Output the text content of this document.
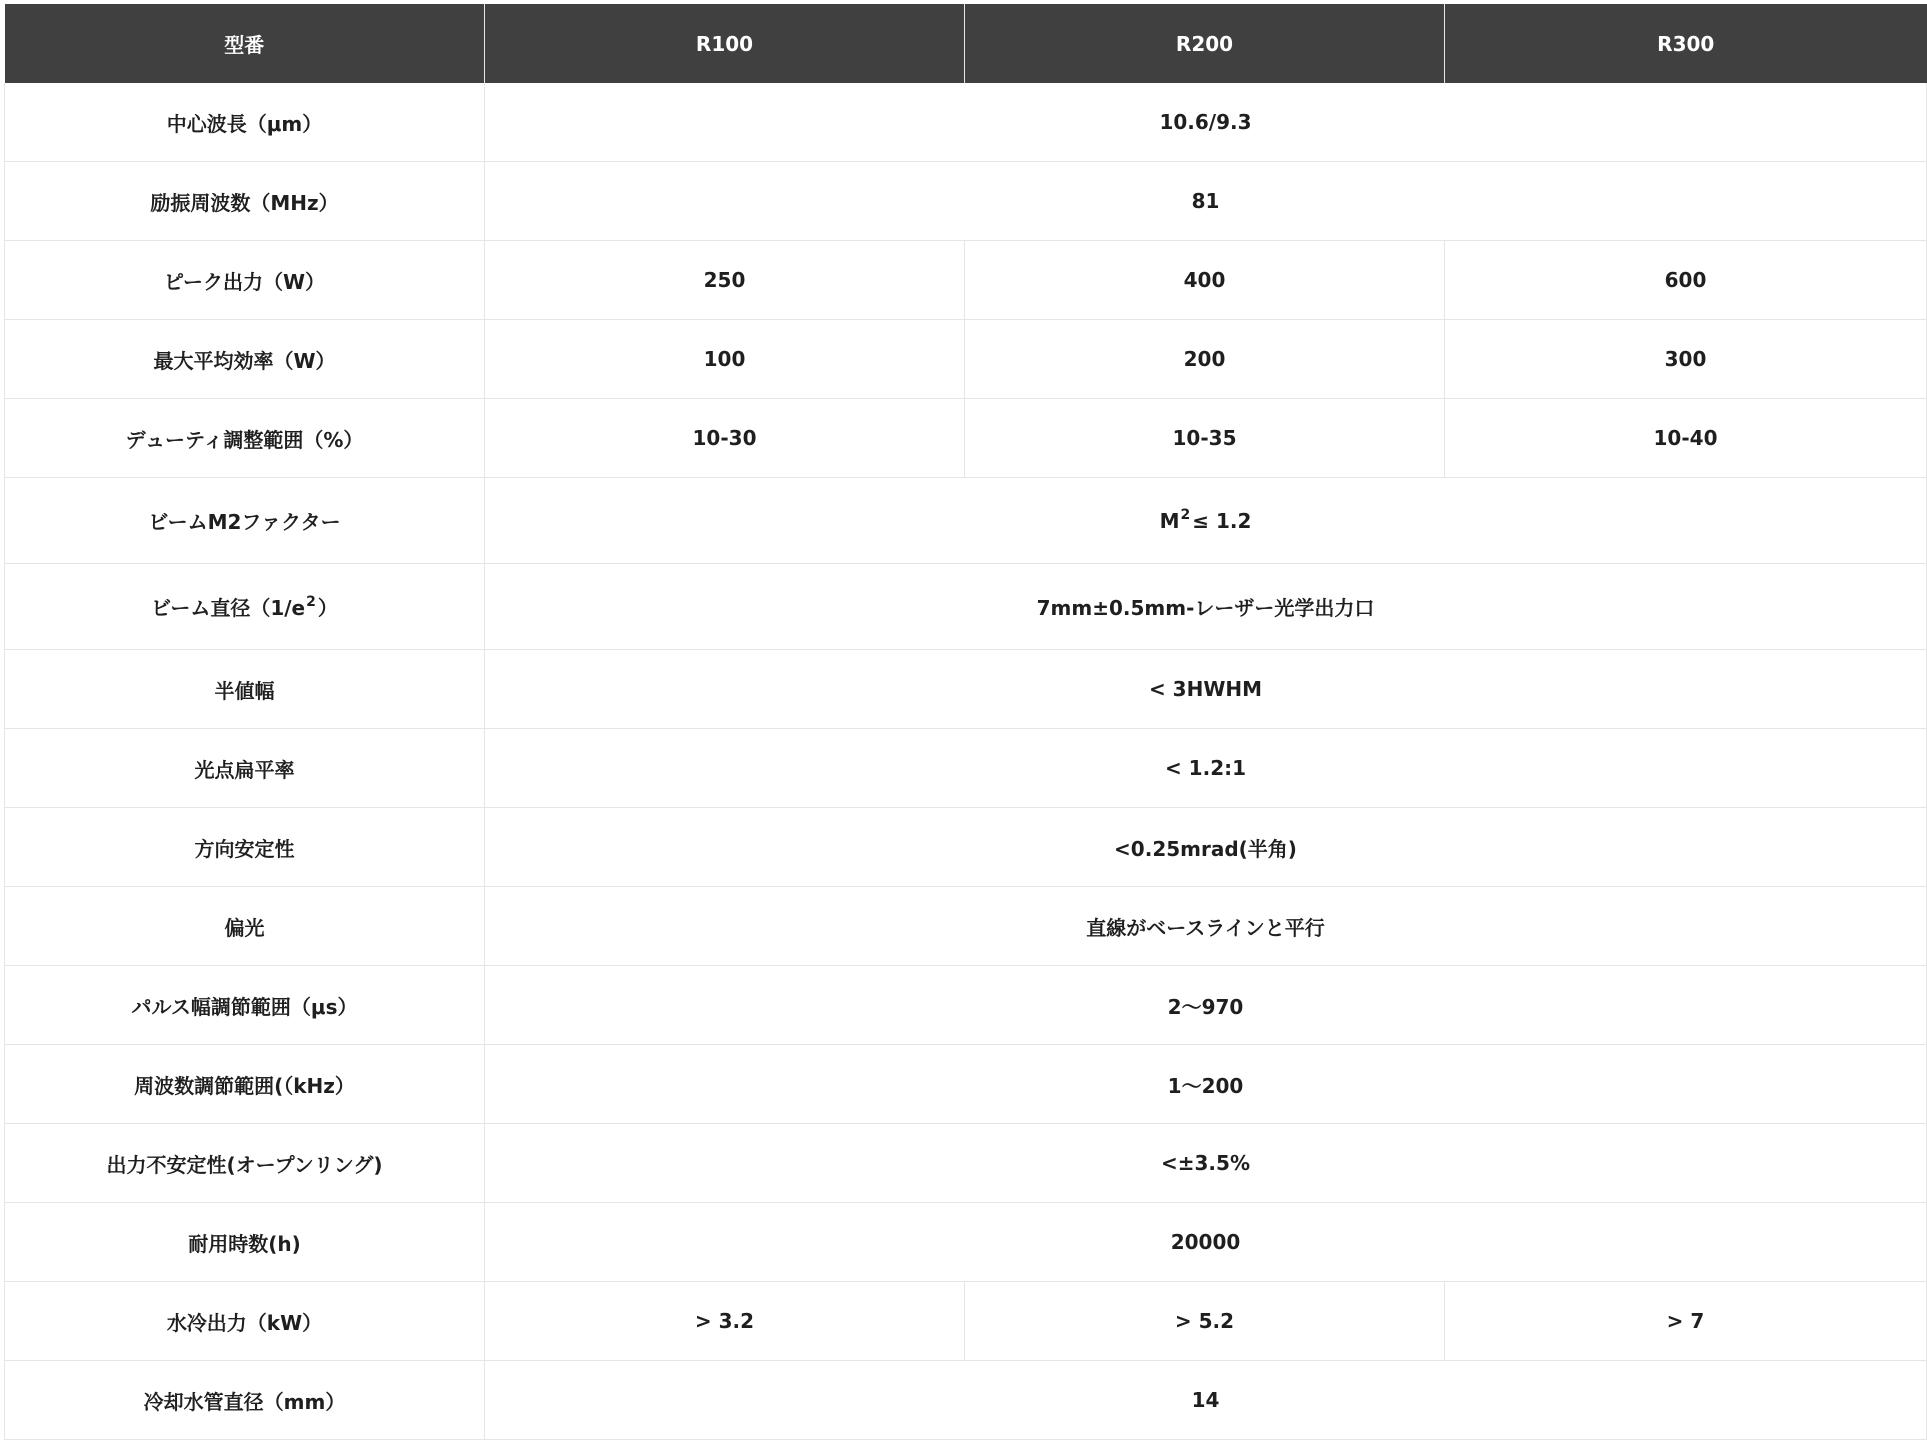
型番	R100	R200	R300
中心波長（μm）	10.6/9.3		
励振周波数（MHz）	81		
ピーク出力（W）	250	400	600
最大平均効率（W）	100	200	300
デューティ調整範囲（%）	10-30	10-35	10-40
ビームM2ファクター	$M^2 \le 1.2$		
ビーム直径（$1/e^2$ ）	7mm±0.5mm-レーザー光学出力口		
半値幅	< 3HWHM		
光点扁平率	< 1.2:1		
方向安定性	<0.25mrad(半角)		
偏光	直線がベースラインと平行		
パルス幅調節範囲（μs）	2～970		
周波数調節範囲(（kHz）	1～200		
出力不安定性(オープンリング)	<±3.5%		
耐用時数(h)	20000		
水冷出力（kW）	> 3.2	> 5.2	> 7
冷却水管直径（mm）	14		
